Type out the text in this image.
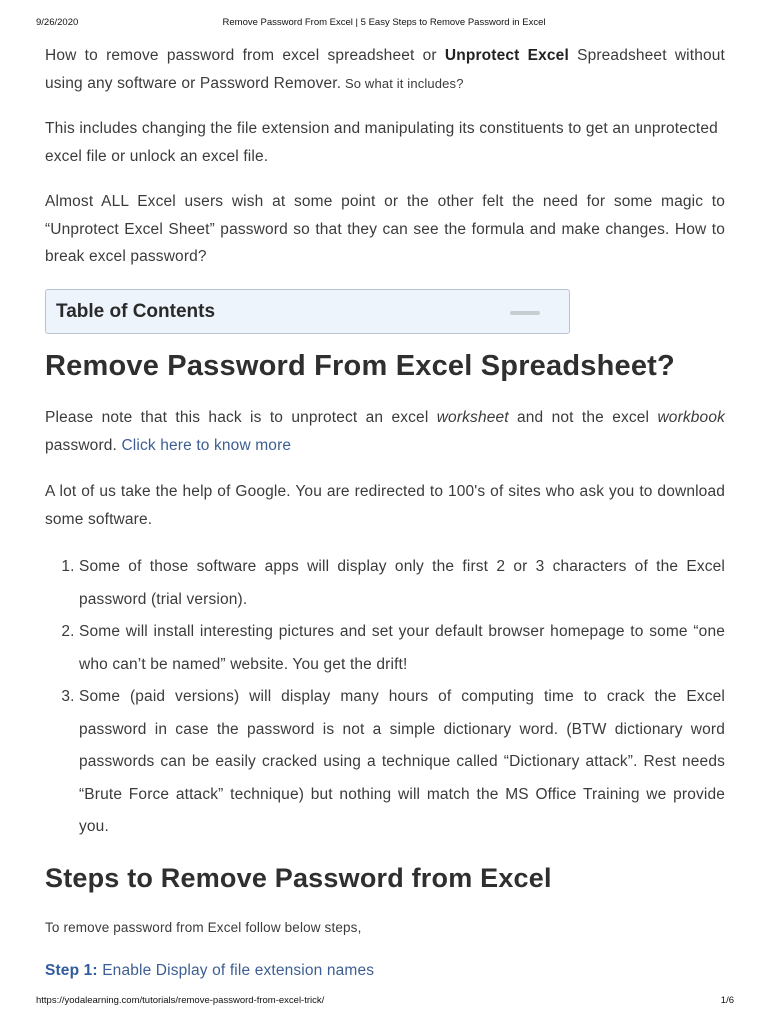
9/26/2020	Remove Password From Excel | 5 Easy Steps to Remove Password in Excel

How to remove password from excel spreadsheet or Unprotect Excel Spreadsheet without using any software or Password Remover. So what it includes?

This includes changing the file extension and manipulating its constituents to get an unprotected excel file or unlock an excel file.

Almost ALL Excel users wish at some point or the other felt the need for some magic to “Unprotect Excel Sheet” password so that they can see the formula and make changes. How to break excel password?

Table of Contents
Remove Password From Excel Spreadsheet?

Please note that this hack is to unprotect an excel worksheet and not the excel workbook password. Click here to know more

A lot of us take the help of Google. You are redirected to 100's of sites who ask you to download some software.

1. Some of those software apps will display only the first 2 or 3 characters of the Excel password (trial version).
2. Some will install interesting pictures and set your default browser homepage to some “one who can’t be named” website. You get the drift!
3. Some (paid versions) will display many hours of computing time to crack the Excel password in case the password is not a simple dictionary word. (BTW dictionary word passwords can be easily cracked using a technique called “Dictionary attack”. Rest needs “Brute Force attack” technique) but nothing will match the MS Office Training we provide you.
Steps to Remove Password from Excel

To remove password from Excel follow below steps,

Step 1: Enable Display of file extension names

https://yodalearning.com/tutorials/remove-password-from-excel-trick/	1/6
